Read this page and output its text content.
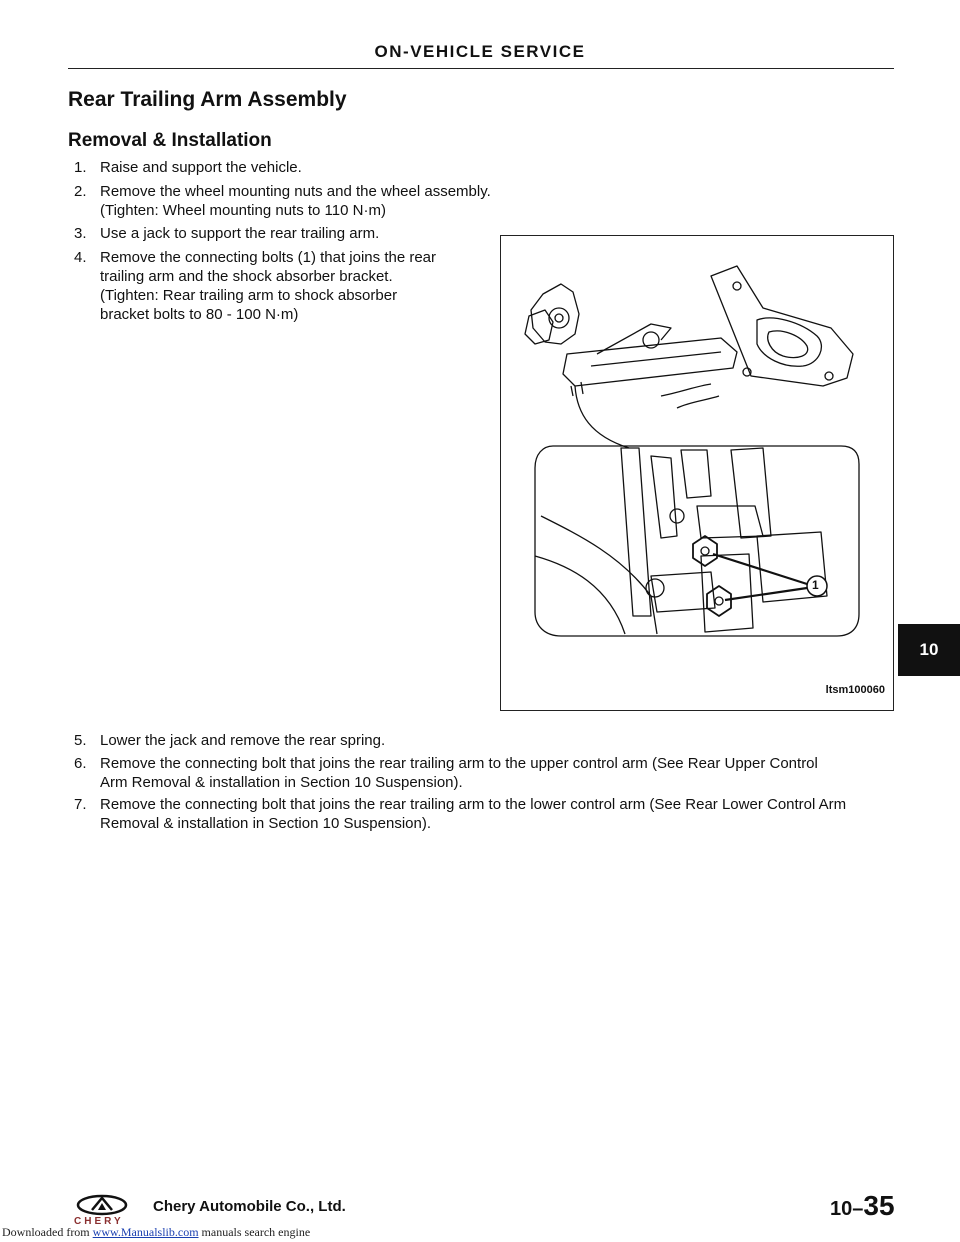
ON-VEHICLE SERVICE
Rear Trailing Arm Assembly
Removal & Installation
1. Raise and support the vehicle.
2. Remove the wheel mounting nuts and the wheel assembly.
(Tighten: Wheel mounting nuts to 110 N·m)
3. Use a jack to support the rear trailing arm.
4. Remove the connecting bolts (1) that joins the rear
trailing arm and the shock absorber bracket.
(Tighten: Rear trailing arm to shock absorber
bracket bolts to 80 - 100 N·m)
1
ltsm100060
5. Lower the jack and remove the rear spring.
6. Remove the connecting bolt that joins the rear trailing arm to the upper control arm (See Rear Upper Control
Arm Removal & installation in Section 10 Suspension).
7. Remove the connecting bolt that joins the rear trailing arm to the lower control arm (See Rear Lower Control Arm
Removal & installation in Section 10 Suspension).
10
CHERY
Chery Automobile Co., Ltd.	10–35
Downloaded from www.Manualslib.com manuals search engine
